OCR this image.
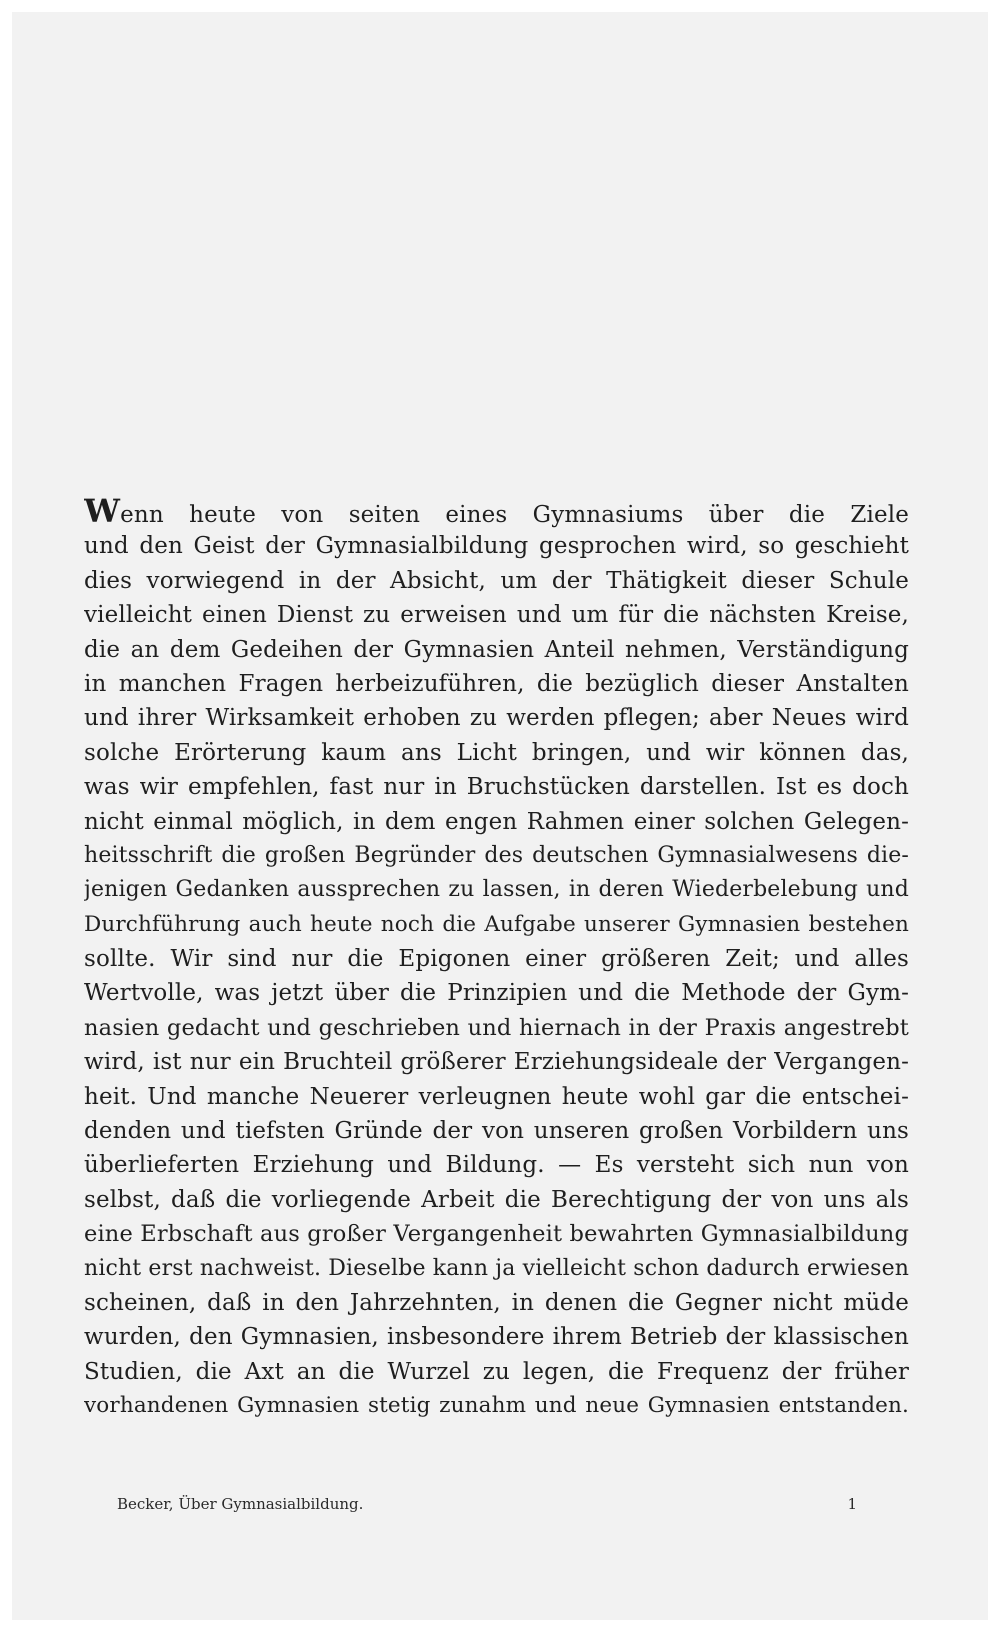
Wenn heute von seiten eines Gymnasiums über die Ziele
und den Geist der Gymnasialbildung gesprochen wird, so geschieht
dies vorwiegend in der Absicht, um der Thätigkeit dieser Schule
vielleicht einen Dienst zu erweisen und um für die nächsten Kreise,
die an dem Gedeihen der Gymnasien Anteil nehmen, Verständigung
in manchen Fragen herbeizuführen, die bezüglich dieser Anstalten
und ihrer Wirksamkeit erhoben zu werden pflegen; aber Neues wird
solche Erörterung kaum ans Licht bringen, und wir können das,
was wir empfehlen, fast nur in Bruchstücken darstellen. Ist es doch
nicht einmal möglich, in dem engen Rahmen einer solchen Gelegen-
heitsschrift die großen Begründer des deutschen Gymnasialwesens die-
jenigen Gedanken aussprechen zu lassen, in deren Wiederbelebung und
Durchführung auch heute noch die Aufgabe unserer Gymnasien bestehen
sollte. Wir sind nur die Epigonen einer größeren Zeit; und alles
Wertvolle, was jetzt über die Prinzipien und die Methode der Gym-
nasien gedacht und geschrieben und hiernach in der Praxis angestrebt
wird, ist nur ein Bruchteil größerer Erziehungsideale der Vergangen-
heit. Und manche Neuerer verleugnen heute wohl gar die entschei-
denden und tiefsten Gründe der von unseren großen Vorbildern uns
überlieferten Erziehung und Bildung. — Es versteht sich nun von
selbst, daß die vorliegende Arbeit die Berechtigung der von uns als
eine Erbschaft aus großer Vergangenheit bewahrten Gymnasialbildung
nicht erst nachweist. Dieselbe kann ja vielleicht schon dadurch erwiesen
scheinen, daß in den Jahrzehnten, in denen die Gegner nicht müde
wurden, den Gymnasien, insbesondere ihrem Betrieb der klassischen
Studien, die Axt an die Wurzel zu legen, die Frequenz der früher
vorhandenen Gymnasien stetig zunahm und neue Gymnasien entstanden.
Becker, Über Gymnasialbildung.	1
